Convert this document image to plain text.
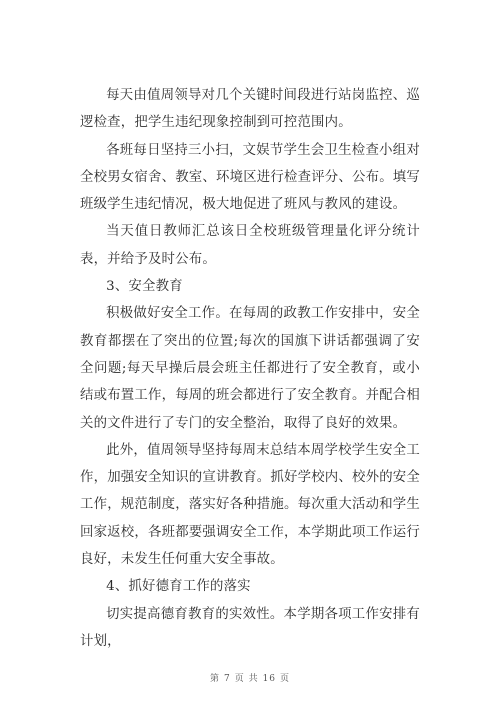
每天由值周领导对几个关键时间段进行站岗监控、巡逻检查，把学生违纪现象控制到可控范围内。

各班每日坚持三小扫，文娱节学生会卫生检查小组对全校男女宿舍、教室、环境区进行检查评分、公布。填写班级学生违纪情况，极大地促进了班风与教风的建设。

当天值日教师汇总该日全校班级管理量化评分统计表，并给予及时公布。

3、安全教育

积极做好安全工作。在每周的政教工作安排中，安全教育都摆在了突出的位置;每次的国旗下讲话都强调了安全问题;每天早操后晨会班主任都进行了安全教育，或小结或布置工作，每周的班会都进行了安全教育。并配合相关的文件进行了专门的安全整治，取得了良好的效果。

此外，值周领导坚持每周末总结本周学校学生安全工作，加强安全知识的宣讲教育。抓好学校内、校外的安全工作，规范制度，落实好各种措施。每次重大活动和学生回家返校，各班都要强调安全工作，本学期此项工作运行良好，未发生任何重大安全事故。

4、抓好德育工作的落实

切实提高德育教育的实效性。本学期各项工作安排有计划，

第 7 页 共 16 页
